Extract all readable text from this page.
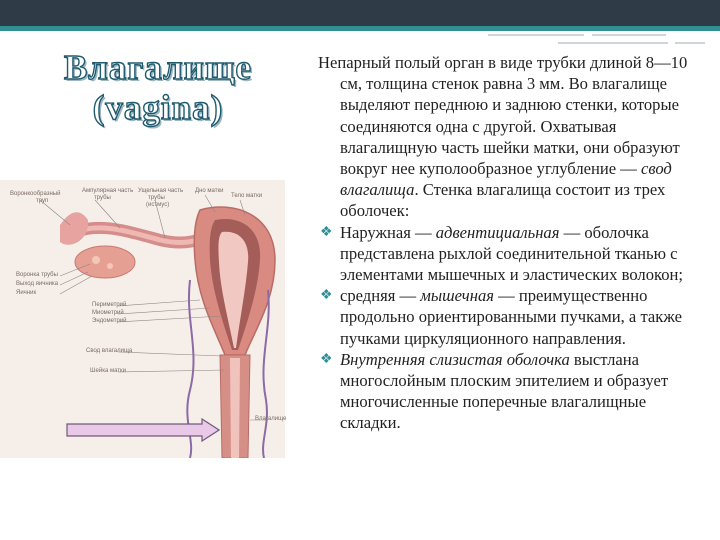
Влагалище
(vagina)
Воронкообразный
труп
Ампулярная часть
трубы
Ущельная часть
трубы
(истмус)
Дно матки
Тело матки
Воронка трубы
Выход яичника
Яичник
Периметрий
Миометрий
Эндометрий
Свод влагалища
Шейка матки
Влагалище

Непарный полый орган в виде трубки длиной 8—10 см, толщина стенок равна 3 мм. Во влагалище выделяют переднюю и заднюю стенки, которые соединяются одна с другой. Охватывая влагалищную часть шейки матки, они образуют вокруг нее куполообразное углубление — свод влагалища. Стенка влагалища состоит из трех оболочек:

❖ Наружная — адвентициальная — оболочка представлена рыхлой соединительной тканью с элементами мышечных и эластических волокон;

❖ средняя — мышечная — преимущественно продольно ориентированными пучками, а также пучками циркуляционного направления.

❖ Внутренняя слизистая оболочка выстлана многослойным плоским эпителием и образует многочисленные поперечные влагалищные складки.
